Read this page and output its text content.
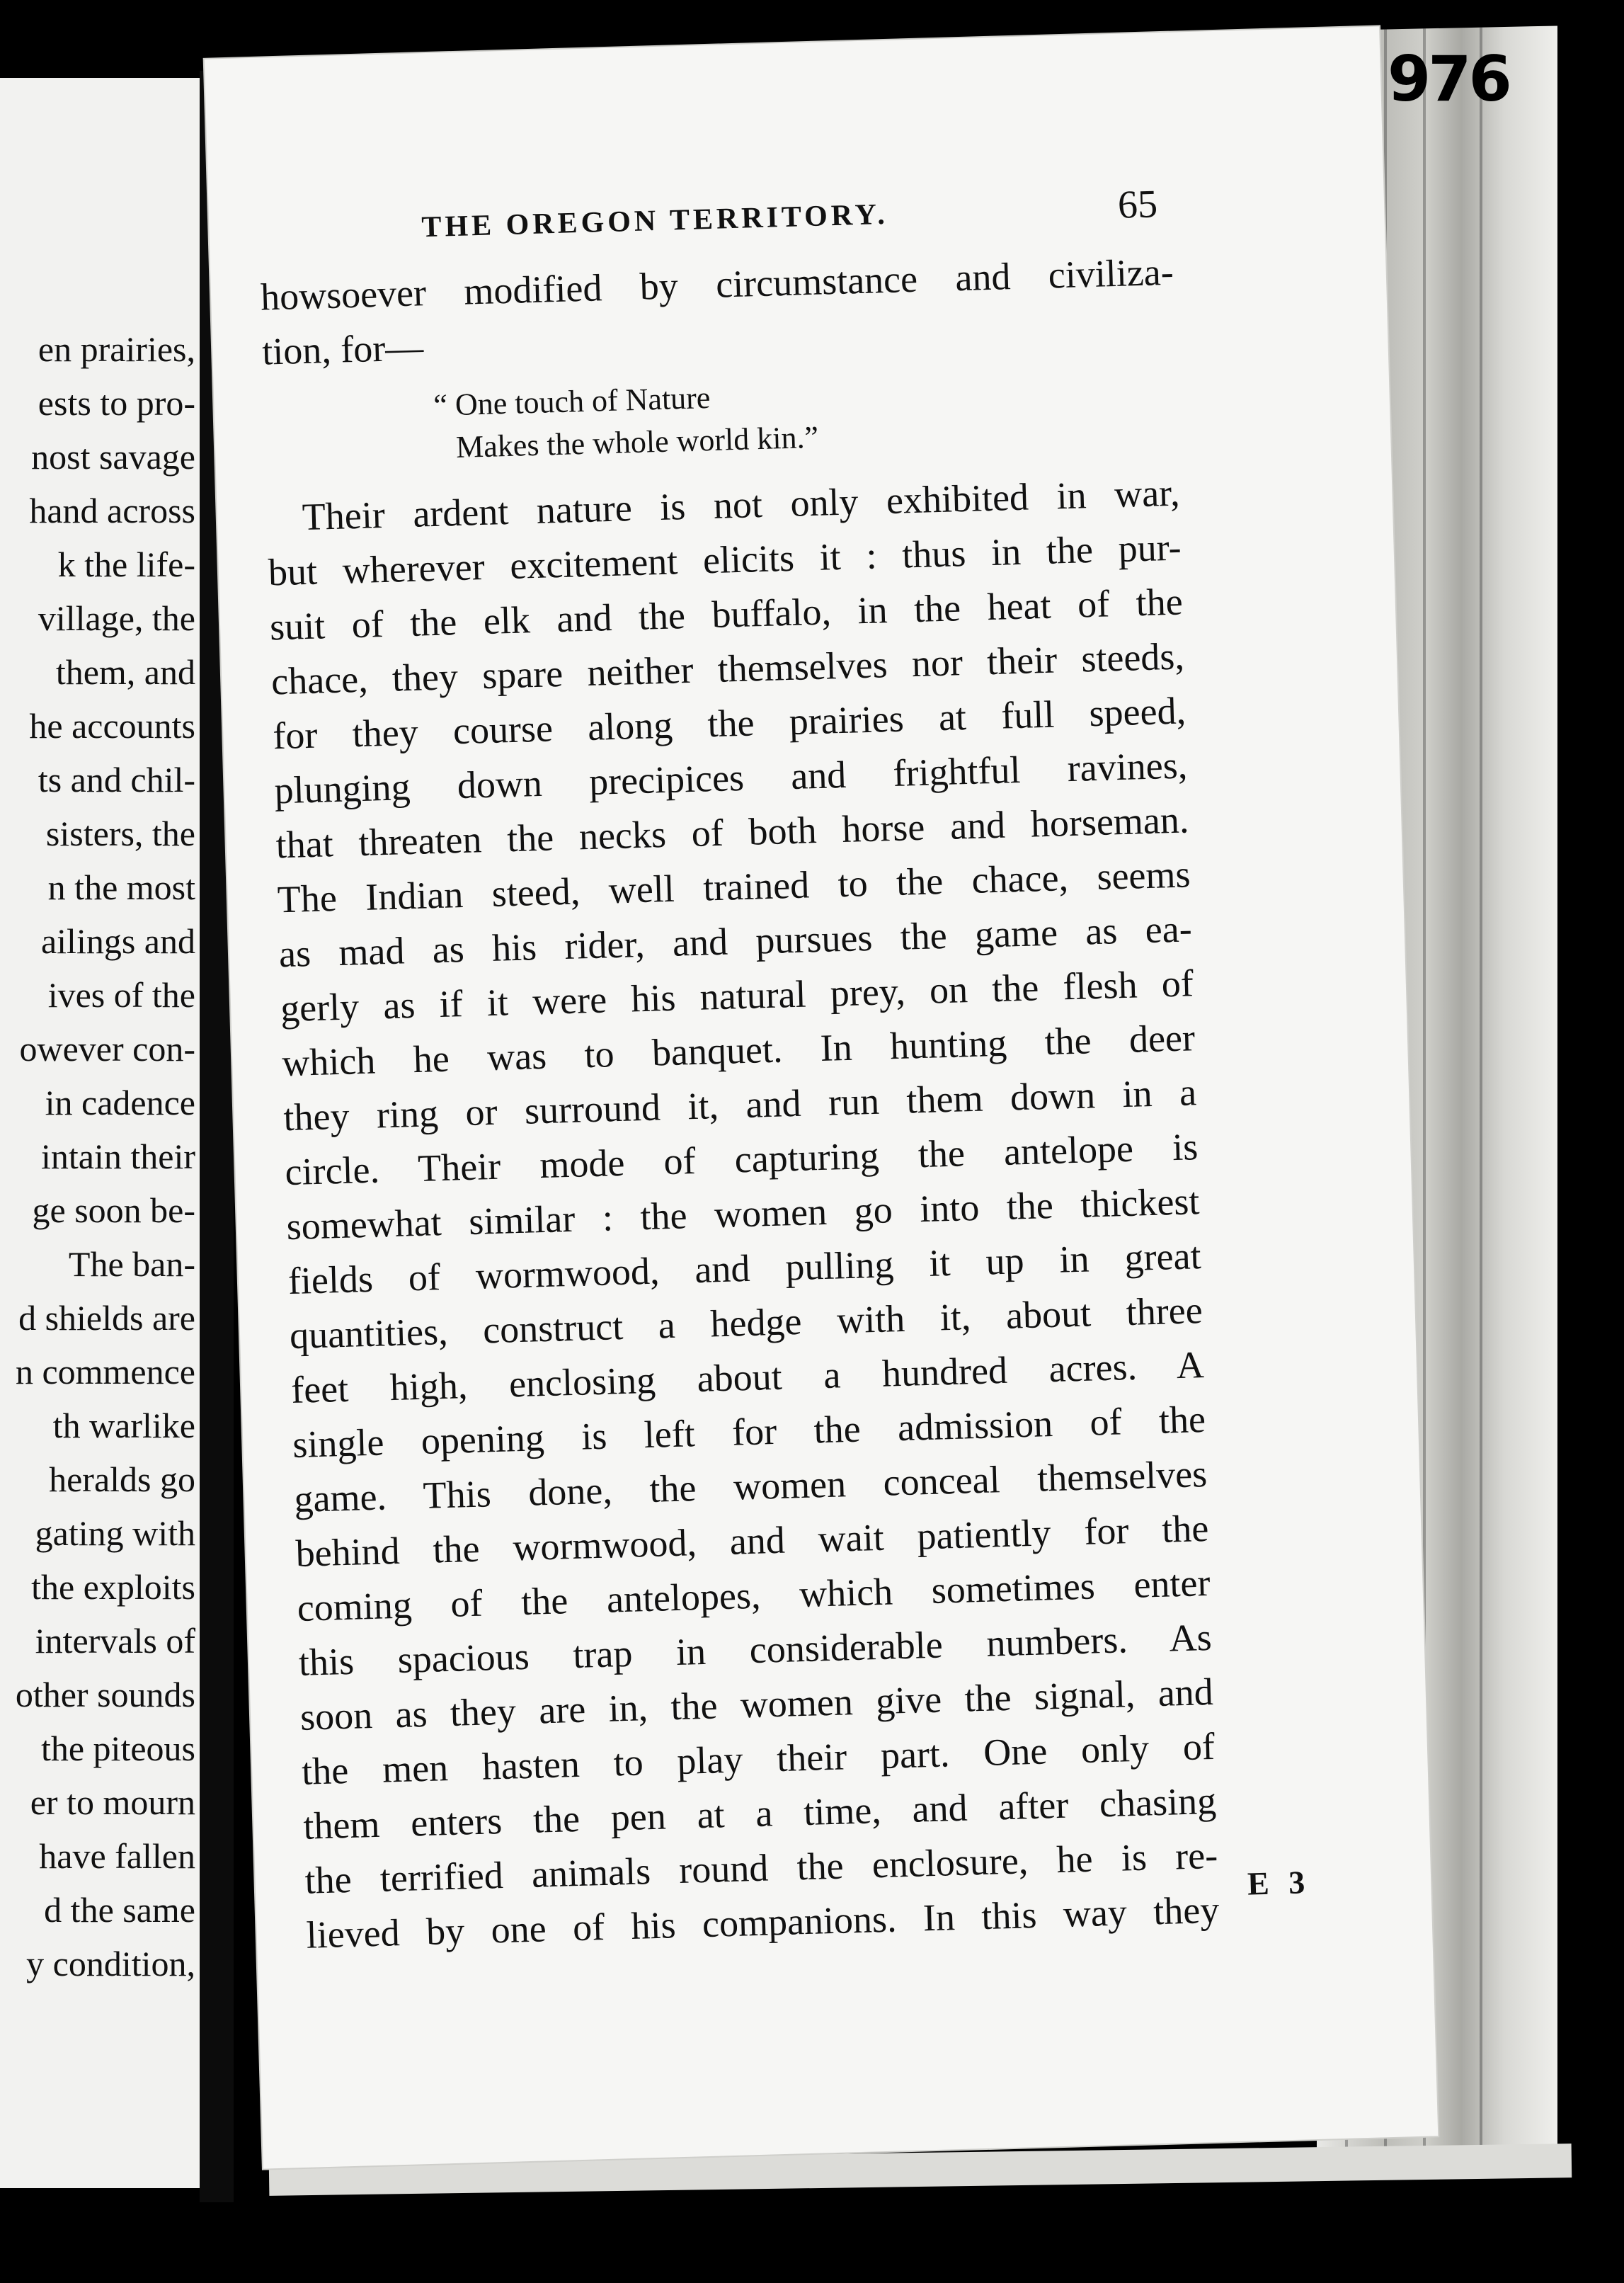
en prairies,
ests to pro-
nost savage
hand across
k the life-
village, the
them, and
he accounts
ts and chil-
sisters, the
n the most
ailings and
ives of the
owever con-
in cadence
intain their
ge soon be-
The ban-
d shields are
n commence
th warlike
heralds go
gating with
the exploits
intervals of
other sounds
the piteous
er to mourn
have fallen
d the same
y condition,
976
THE OREGON TERRITORY.	65
howsoever modified by circumstance and civiliza-
tion, for—
“ One touch of Nature
Makes the whole world kin.”
Their ardent nature is not only exhibited in war,
but wherever excitement elicits it : thus in the pur-
suit of the elk and the buffalo, in the heat of the
chace, they spare neither themselves nor their steeds,
for they course along the prairies at full speed,
plunging down precipices and frightful ravines,
that threaten the necks of both horse and horseman.
The Indian steed, well trained to the chace, seems
as mad as his rider, and pursues the game as ea-
gerly as if it were his natural prey, on the flesh of
which he was to banquet. In hunting the deer
they ring or surround it, and run them down in a
circle. Their mode of capturing the antelope is
somewhat similar : the women go into the thickest
fields of wormwood, and pulling it up in great
quantities, construct a hedge with it, about three
feet high, enclosing about a hundred acres. A
single opening is left for the admission of the
game. This done, the women conceal themselves
behind the wormwood, and wait patiently for the
coming of the antelopes, which sometimes enter
this spacious trap in considerable numbers. As
soon as they are in, the women give the signal, and
the men hasten to play their part. One only of
them enters the pen at a time, and after chasing
the terrified animals round the enclosure, he is re-
lieved by one of his companions. In this way they
E 3
